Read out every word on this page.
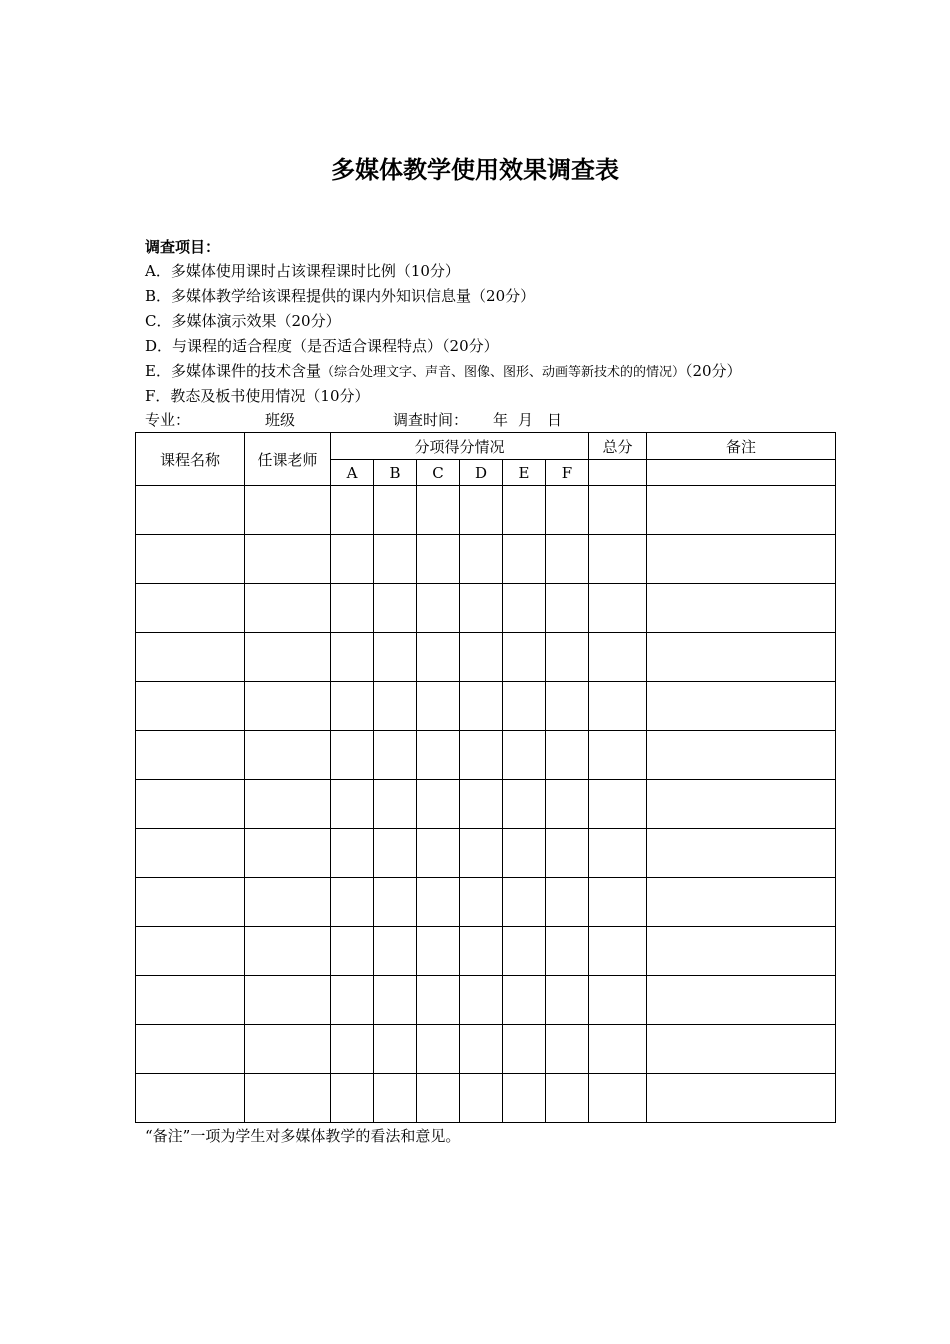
多媒体教学使用效果调查表
调查项目：
A．多媒体使用课时占该课程课时比例（10分）
B．多媒体教学给该课程提供的课内外知识信息量（20分）
C．多媒体演示效果（20分）
D．与课程的适合程度（是否适合课程特点）（20分）
E．多媒体课件的技术含量（综合处理文字、声音、图像、图形、动画等新技术的的情况）（20分）
F．教态及板书使用情况（10分）
专业：	班级	调查时间： 年 月 日
课程名称	任课老师	分项得分情况						总分	备注
		A	B	C	D	E	F		

“备注”一项为学生对多媒体教学的看法和意见。
